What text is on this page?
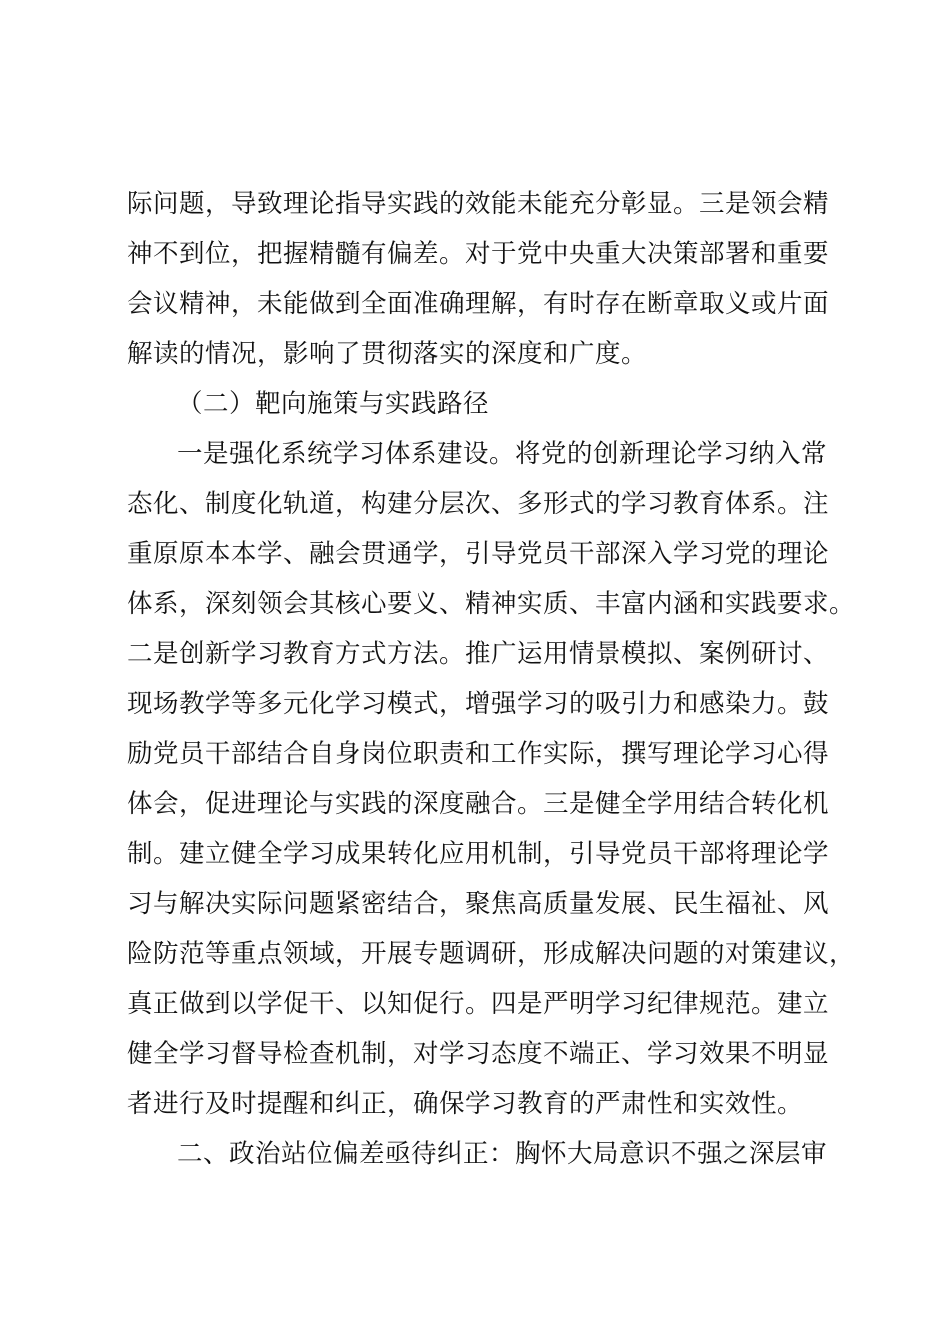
际问题，导致理论指导实践的效能未能充分彰显。三是领会精
神不到位，把握精髓有偏差。对于党中央重大决策部署和重要
会议精神，未能做到全面准确理解，有时存在断章取义或片面
解读的情况，影响了贯彻落实的深度和广度。
（二）靶向施策与实践路径
一是强化系统学习体系建设。将党的创新理论学习纳入常
态化、制度化轨道，构建分层次、多形式的学习教育体系。注
重原原本本学、融会贯通学，引导党员干部深入学习党的理论
体系，深刻领会其核心要义、精神实质、丰富内涵和实践要求。
二是创新学习教育方式方法。推广运用情景模拟、案例研讨、
现场教学等多元化学习模式，增强学习的吸引力和感染力。鼓
励党员干部结合自身岗位职责和工作实际，撰写理论学习心得
体会，促进理论与实践的深度融合。三是健全学用结合转化机
制。建立健全学习成果转化应用机制，引导党员干部将理论学
习与解决实际问题紧密结合，聚焦高质量发展、民生福祉、风
险防范等重点领域，开展专题调研，形成解决问题的对策建议，
真正做到以学促干、以知促行。四是严明学习纪律规范。建立
健全学习督导检查机制，对学习态度不端正、学习效果不明显
者进行及时提醒和纠正，确保学习教育的严肃性和实效性。
二、政治站位偏差亟待纠正：胸怀大局意识不强之深层审
